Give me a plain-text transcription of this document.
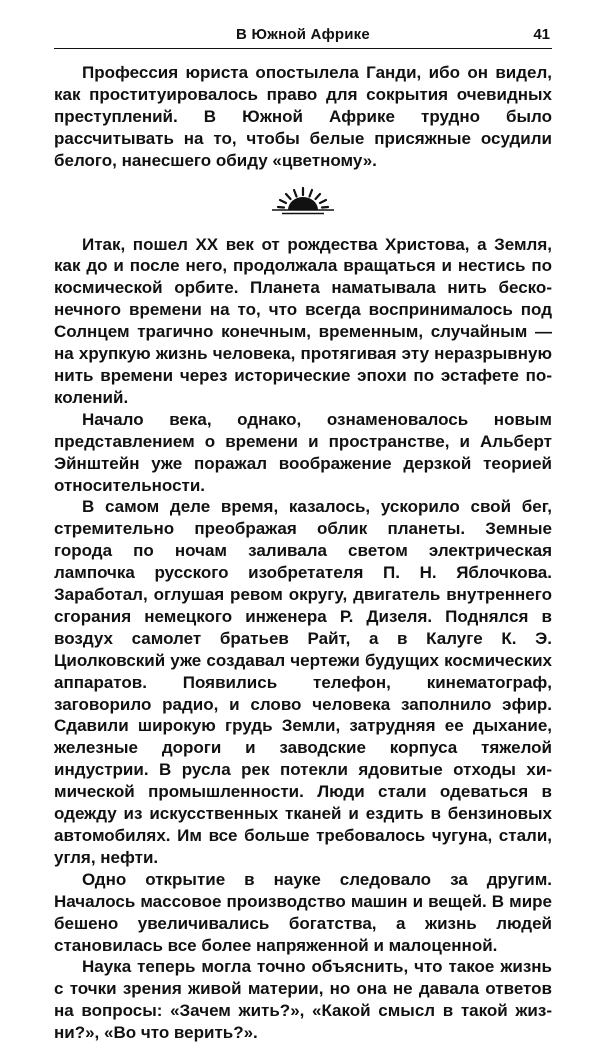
В Южной Африке	41

Профессия юриста опостылела Ганди, ибо он видел, как проституировалось право для сокрытия очевидных преступлений. В Южной Африке трудно было рассчитывать на то, чтобы белые присяжные осудили белого, нанесшего обиду «цветному».

Итак, пошел XX век от рождества Христова, а Земля, как до и после него, продолжала вращаться и нестись по космической орбите. Планета наматывала нить бесконечного времени на то, что всегда воспринималось под Солнцем трагично конечным, временным, случайным — на хрупкую жизнь человека, протягивая эту неразрывную нить времени через исторические эпохи по эстафете поколений.

Начало века, однако, ознаменовалось новым представлением о времени и пространстве, и Альберт Эйнштейн уже поражал воображение дерзкой теорией относительности.

В самом деле время, казалось, ускорило свой бег, стремительно преображая облик планеты. Земные города по ночам заливала светом электрическая лампочка русского изобретателя П. Н. Яблочкова. Заработал, оглушая ревом округу, двигатель внутреннего сгорания немецкого инженера Р. Дизеля. Поднялся в воздух самолет братьев Райт, а в Калуге К. Э. Циолковский уже создавал чертежи будущих космических аппаратов. Появились телефон, кинематограф, заговорило радио, и слово человека заполнило эфир. Сдавили широкую грудь Земли, затрудняя ее дыхание, железные дороги и заводские корпуса тяжелой индустрии. В русла рек потекли ядовитые отходы химической промышленности. Люди стали одеваться в одежду из искусственных тканей и ездить в бензиновых автомобилях. Им все больше требовалось чугуна, стали, угля, нефти.

Одно открытие в науке следовало за другим. Началось массовое производство машин и вещей. В мире бешено увеличивались богатства, а жизнь людей становилась все более напряженной и малоценной.

Наука теперь могла точно объяснить, что такое жизнь с точки зрения живой материи, но она не давала ответов на вопросы: «Зачем жить?», «Какой смысл в такой жизни?», «Во что верить?».
